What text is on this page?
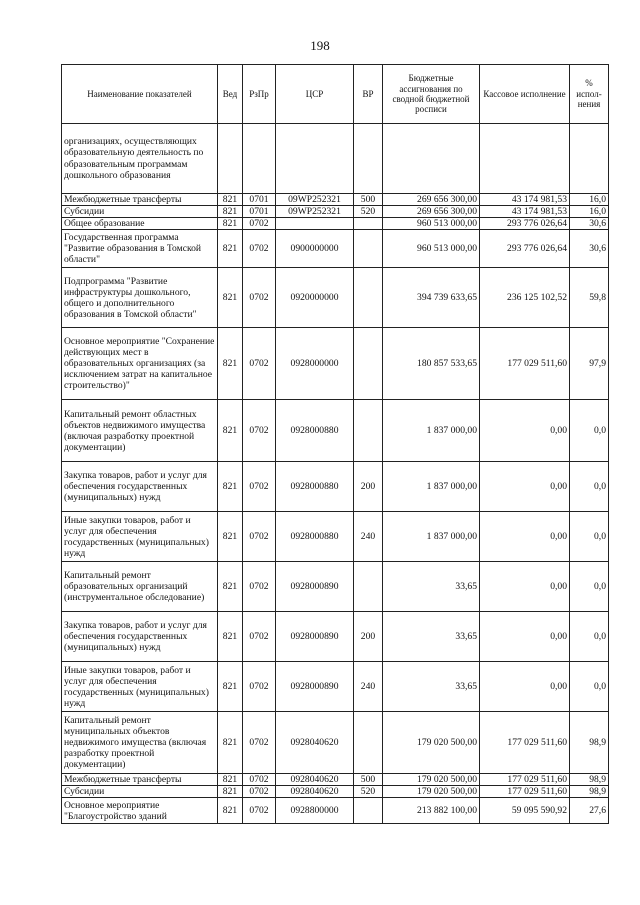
198
Наименование показателей	Вед	РзПр	ЦСР	ВР	Бюджетные ассигнования по сводной бюджетной росписи	Кассовое исполнение	% испол-нения
организациях, осуществляющих образовательную деятельность по образовательным программам дошкольного образования							
Межбюджетные трансферты	821	0701	09WP252321	500	269 656 300,00	43 174 981,53	16,0
Субсидии	821	0701	09WP252321	520	269 656 300,00	43 174 981,53	16,0
Общее образование	821	0702			960 513 000,00	293 776 026,64	30,6
Государственная программа "Развитие образования в Томской области"	821	0702	0900000000		960 513 000,00	293 776 026,64	30,6
Подпрограмма "Развитие инфраструктуры дошкольного, общего и дополнительного образования в Томской области"	821	0702	0920000000		394 739 633,65	236 125 102,52	59,8
Основное мероприятие "Сохранение действующих мест в образовательных организациях (за исключением затрат на капитальное строительство)"	821	0702	0928000000		180 857 533,65	177 029 511,60	97,9
Капитальный ремонт областных объектов недвижимого имущества (включая разработку проектной документации)	821	0702	0928000880		1 837 000,00	0,00	0,0
Закупка товаров, работ и услуг для обеспечения государственных (муниципальных) нужд	821	0702	0928000880	200	1 837 000,00	0,00	0,0
Иные закупки товаров, работ и услуг для обеспечения государственных (муниципальных) нужд	821	0702	0928000880	240	1 837 000,00	0,00	0,0
Капитальный ремонт образовательных организаций (инструментальное обследование)	821	0702	0928000890		33,65	0,00	0,0
Закупка товаров, работ и услуг для обеспечения государственных (муниципальных) нужд	821	0702	0928000890	200	33,65	0,00	0,0
Иные закупки товаров, работ и услуг для обеспечения государственных (муниципальных) нужд	821	0702	0928000890	240	33,65	0,00	0,0
Капитальный ремонт муниципальных объектов недвижимого имущества (включая разработку проектной документации)	821	0702	0928040620		179 020 500,00	177 029 511,60	98,9
Межбюджетные трансферты	821	0702	0928040620	500	179 020 500,00	177 029 511,60	98,9
Субсидии	821	0702	0928040620	520	179 020 500,00	177 029 511,60	98,9
Основное мероприятие "Благоустройство зданий	821	0702	0928800000		213 882 100,00	59 095 590,92	27,6
